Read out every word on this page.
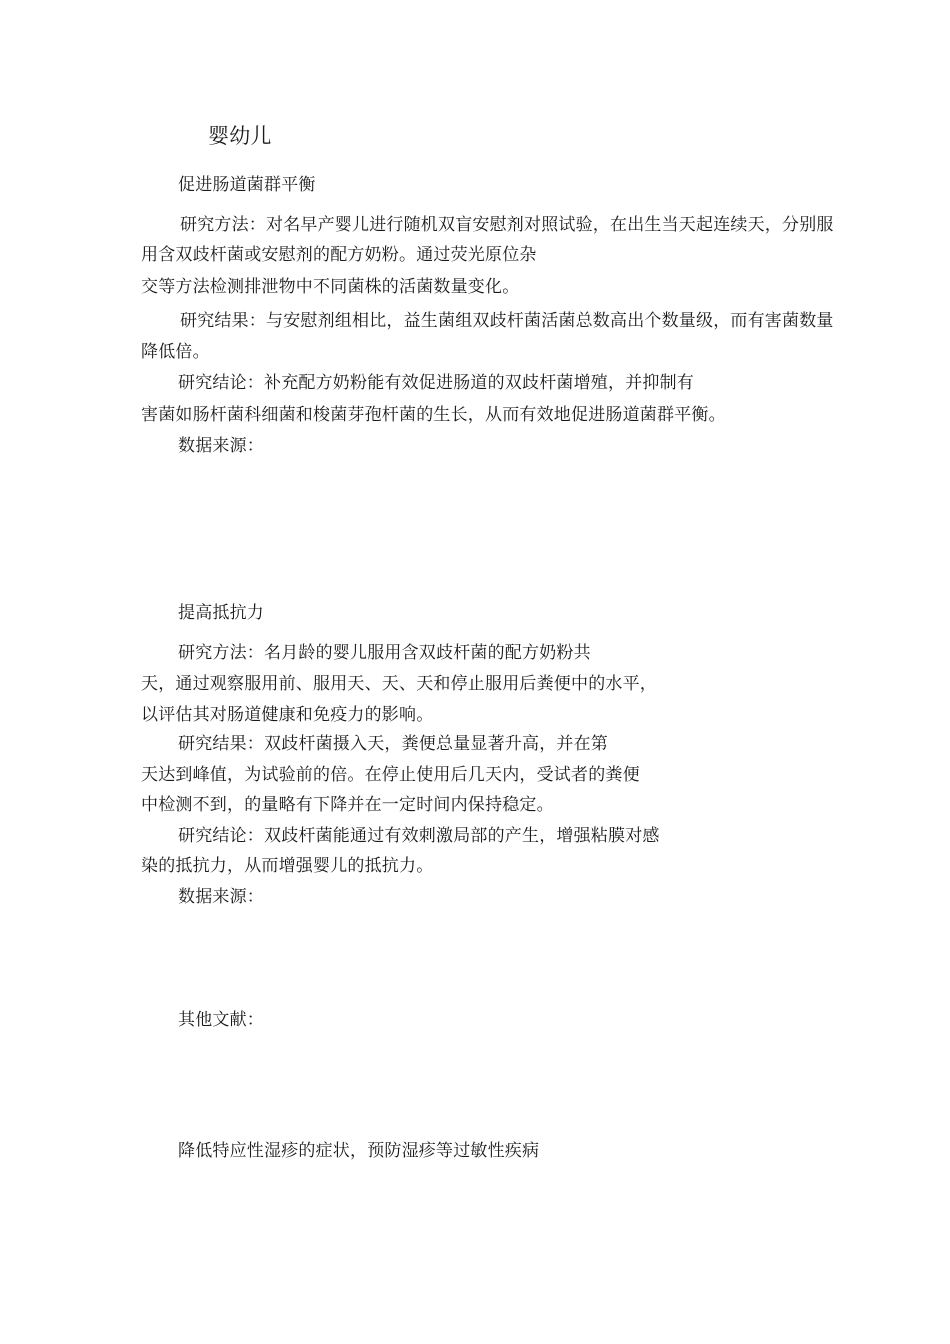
婴幼儿
促进肠道菌群平衡
研究方法：对名早产婴儿进行随机双盲安慰剂对照试验，在出生当天起连续天，分别服
用含双歧杆菌或安慰剂的配方奶粉。通过荧光原位杂
交等方法检测排泄物中不同菌株的活菌数量变化。
研究结果：与安慰剂组相比，益生菌组双歧杆菌活菌总数高出个数量级，而有害菌数量
降低倍。
研究结论：补充配方奶粉能有效促进肠道的双歧杆菌增殖，并抑制有
害菌如肠杆菌科细菌和梭菌芽孢杆菌的生长，从而有效地促进肠道菌群平衡。
数据来源：
提高抵抗力
研究方法：名月龄的婴儿服用含双歧杆菌的配方奶粉共
天，通过观察服用前、服用天、天、天和停止服用后粪便中的水平，
以评估其对肠道健康和免疫力的影响。
研究结果：双歧杆菌摄入天，粪便总量显著升高，并在第
天达到峰值，为试验前的倍。在停止使用后几天内，受试者的粪便
中检测不到，的量略有下降并在一定时间内保持稳定。
研究结论：双歧杆菌能通过有效刺激局部的产生，增强粘膜对感
染的抵抗力，从而增强婴儿的抵抗力。
数据来源：
其他文献：
降低特应性湿疹的症状，预防湿疹等过敏性疾病
